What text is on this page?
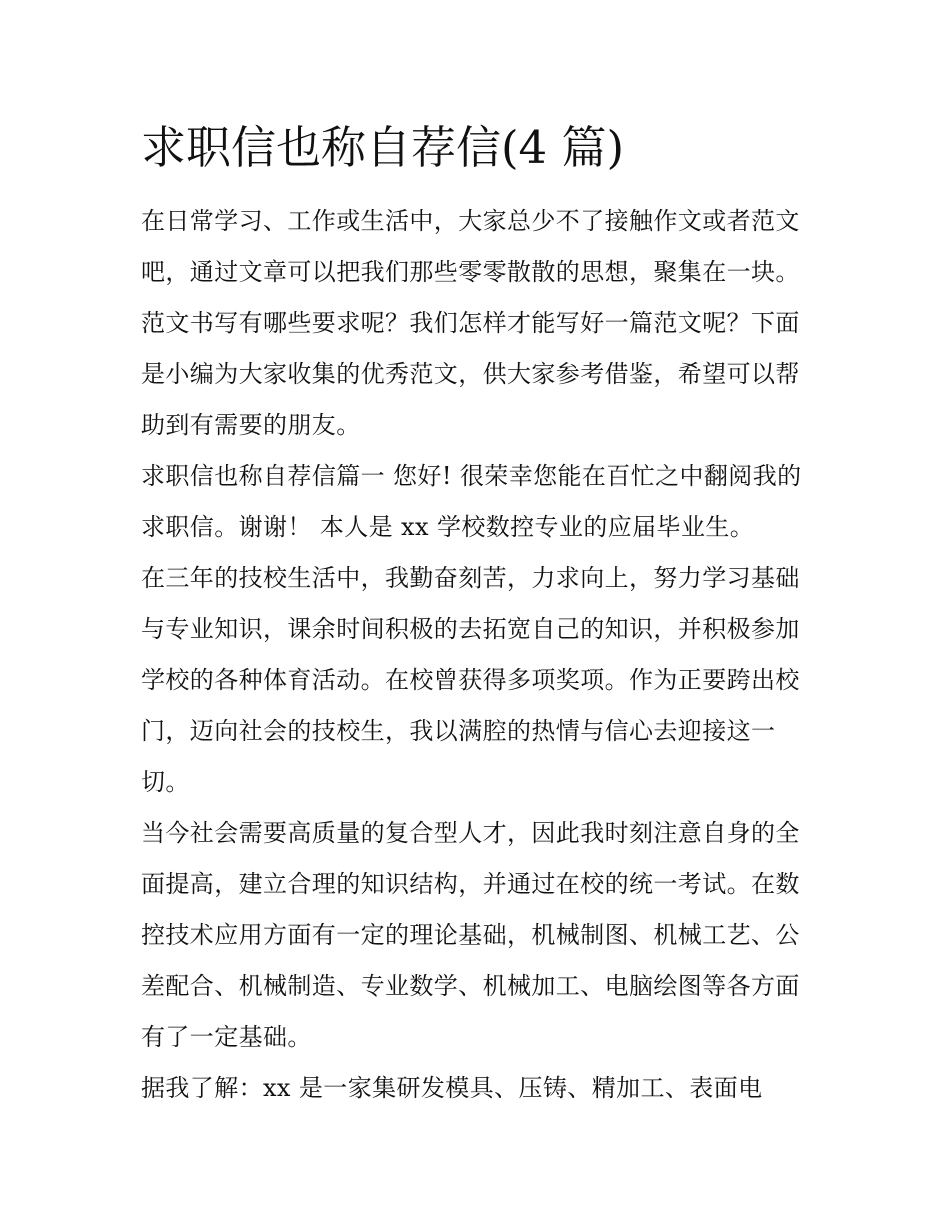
求职信也称自荐信(4 篇)
在日常学习、工作或生活中，大家总少不了接触作文或者范文
吧，通过文章可以把我们那些零零散散的思想，聚集在一块。
范文书写有哪些要求呢？我们怎样才能写好一篇范文呢？下面
是小编为大家收集的优秀范文，供大家参考借鉴，希望可以帮
助到有需要的朋友。
求职信也称自荐信篇一 您好! 很荣幸您能在百忙之中翻阅我的
求职信。谢谢！ 本人是 xx 学校数控专业的应届毕业生。
在三年的技校生活中，我勤奋刻苦，力求向上，努力学习基础
与专业知识，课余时间积极的去拓宽自己的知识，并积极参加
学校的各种体育活动。在校曾获得多项奖项。作为正要跨出校
门，迈向社会的技校生，我以满腔的热情与信心去迎接这一
切。
当今社会需要高质量的复合型人才，因此我时刻注意自身的全
面提高，建立合理的知识结构，并通过在校的统一考试。在数
控技术应用方面有一定的理论基础，机械制图、机械工艺、公
差配合、机械制造、专业数学、机械加工、电脑绘图等各方面
有了一定基础。
据我了解：xx 是一家集研发模具、压铸、精加工、表面电
